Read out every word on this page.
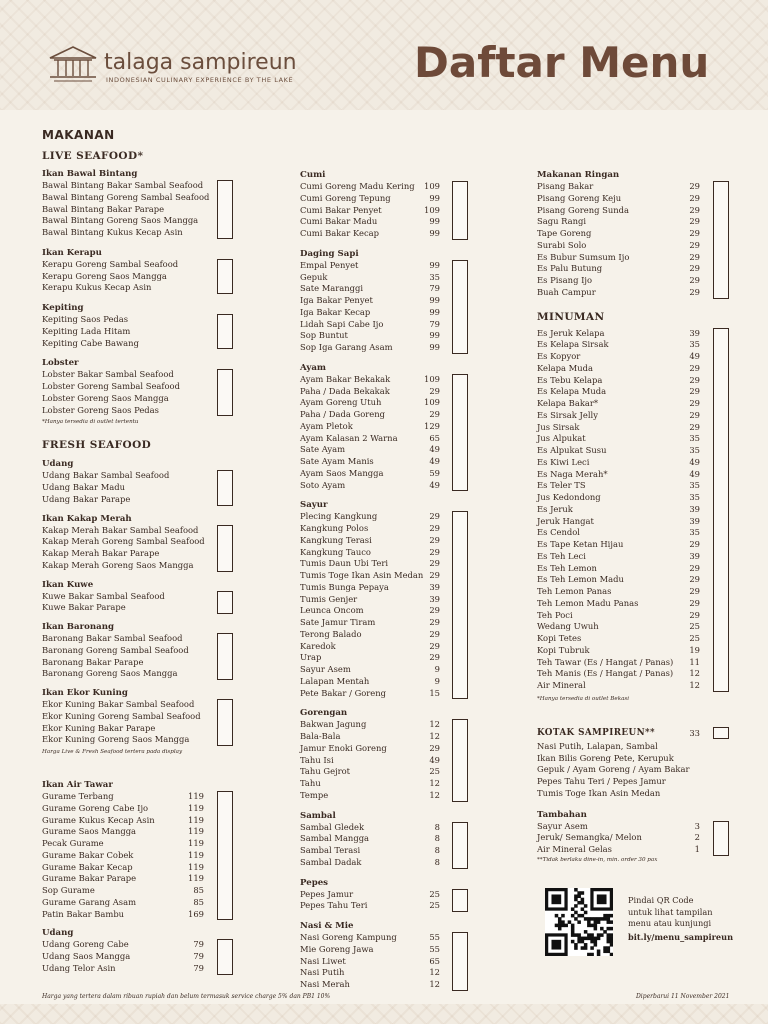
talaga sampireun
INDONESIAN CULINARY EXPERIENCE BY THE LAKE	Daftar Menu
MAKANAN
LIVE SEAFOOD*
Ikan Bawal Bintang
Bawal Bintang Bakar Sambal Seafood
Bawal Bintang Goreng Sambal Seafood
Bawal Bintang Bakar Parape
Bawal Bintang Goreng Saos Mangga
Bawal Bintang Kukus Kecap Asin
Ikan Kerapu
Kerapu Goreng Sambal Seafood
Kerapu Goreng Saos Mangga
Kerapu Kukus Kecap Asin
Kepiting
Kepiting Saos Pedas
Kepiting Lada Hitam
Kepiting Cabe Bawang
Lobster
Lobster Bakar Sambal Seafood
Lobster Goreng Sambal Seafood
Lobster Goreng Saos Mangga
Lobster Goreng Saos Pedas
*Hanya tersedia di outlet tertentu
FRESH SEAFOOD
Udang
Udang Bakar Sambal Seafood
Udang Bakar Madu
Udang Bakar Parape
Ikan Kakap Merah
Kakap Merah Bakar Sambal Seafood
Kakap Merah Goreng Sambal Seafood
Kakap Merah Bakar Parape
Kakap Merah Goreng Saos Mangga
Ikan Kuwe
Kuwe Bakar Sambal Seafood
Kuwe Bakar Parape
Ikan Baronang
Baronang Bakar Sambal Seafood
Baronang Goreng Sambal Seafood
Baronang Bakar Parape
Baronang Goreng Saos Mangga
Ikan Ekor Kuning
Ekor Kuning Bakar Sambal Seafood
Ekor Kuning Goreng Sambal Seafood
Ekor Kuning Bakar Parape
Ekor Kuning Goreng Saos Mangga
Harga Live & Fresh Seafood tertera pada display
Ikan Air Tawar
Gurame Terbang	119
Gurame Goreng Cabe Ijo	119
Gurame Kukus Kecap Asin	119
Gurame Saos Mangga	119
Pecak Gurame	119
Gurame Bakar Cobek	119
Gurame Bakar Kecap	119
Gurame Bakar Parape	119
Sop Gurame	85
Gurame Garang Asam	85
Patin Bakar Bambu	169
Udang
Udang Goreng Cabe	79
Udang Saos Mangga	79
Udang Telor Asin	79
Cumi
Cumi Goreng Madu Kering	109
Cumi Goreng Tepung	99
Cumi Bakar Penyet	109
Cumi Bakar Madu	99
Cumi Bakar Kecap	99
Daging Sapi
Empal Penyet	99
Gepuk	35
Sate Maranggi	79
Iga Bakar Penyet	99
Iga Bakar Kecap	99
Lidah Sapi Cabe Ijo	79
Sop Buntut	99
Sop Iga Garang Asam	99
Ayam
Ayam Bakar Bekakak	109
Paha / Dada Bekakak	29
Ayam Goreng Utuh	109
Paha / Dada Goreng	29
Ayam Pletok	129
Ayam Kalasan 2 Warna	65
Sate Ayam	49
Sate Ayam Manis	49
Ayam Saos Mangga	59
Soto Ayam	49
Sayur
Plecing Kangkung	29
Kangkung Polos	29
Kangkung Terasi	29
Kangkung Tauco	29
Tumis Daun Ubi Teri	29
Tumis Toge Ikan Asin Medan 29
Tumis Bunga Pepaya	39
Tumis Genjer	39
Leunca Oncom	29
Sate Jamur Tiram	29
Terong Balado	29
Karedok	29
Urap	29
Sayur Asem	9
Lalapan Mentah	9
Pete Bakar / Goreng	15
Gorengan
Bakwan Jagung	12
Bala-Bala	12
Jamur Enoki Goreng	29
Tahu Isi	49
Tahu Gejrot	25
Tahu	12
Tempe	12
Sambal
Sambal Gledek	8
Sambal Mangga	8
Sambal Terasi	8
Sambal Dadak	8
Pepes
Pepes Jamur	25
Pepes Tahu Teri	25
Nasi & Mie
Nasi Goreng Kampung	55
Mie Goreng Jawa	55
Nasi Liwet	65
Nasi Putih	12
Nasi Merah	12
Makanan Ringan
Pisang Bakar	29
Pisang Goreng Keju	29
Pisang Goreng Sunda	29
Sagu Rangi	29
Tape Goreng	29
Surabi Solo	29
Es Bubur Sumsum Ijo	29
Es Palu Butung	29
Es Pisang Ijo	29
Buah Campur	29
MINUMAN
Es Jeruk Kelapa	39
Es Kelapa Sirsak	35
Es Kopyor	49
Kelapa Muda	29
Es Tebu Kelapa	29
Es Kelapa Muda	29
Kelapa Bakar*	29
Es Sirsak Jelly	29
Jus Sirsak	29
Jus Alpukat	35
Es Alpukat Susu	35
Es Kiwi Leci	49
Es Naga Merah*	49
Es Teler TS	35
Jus Kedondong	35
Es Jeruk	39
Jeruk Hangat	39
Es Cendol	35
Es Tape Ketan Hijau	29
Es Teh Leci	39
Es Teh Lemon	29
Es Teh Lemon Madu	29
Teh Lemon Panas	29
Teh Lemon Madu Panas	29
Teh Poci	29
Wedang Uwuh	25
Kopi Tetes	25
Kopi Tubruk	19
Teh Tawar (Es / Hangat / Panas)	11
Teh Manis (Es / Hangat / Panas)	12
Air Mineral	12
*Hanya tersedia di outlet Bekasi
KOTAK SAMPIREUN**	33
Nasi Putih, Lalapan, Sambal
Ikan Bilis Goreng Pete, Kerupuk
Gepuk / Ayam Goreng / Ayam Bakar
Pepes Tahu Teri / Pepes Jamur
Tumis Toge Ikan Asin Medan
Tambahan
Sayur Asem	3
Jeruk/ Semangka/ Melon	2
Air Mineral Gelas	1
**Tidak berlaku dine-in, min. order 30 pax
Pindai QR Code
untuk lihat tampilan
menu atau kunjungi
bit.ly/menu_sampireun
Harga yang tertera dalam ribuan rupiah dan belum termasuk service charge 5% dan PB1 10%	Diperbarui 11 November 2021
